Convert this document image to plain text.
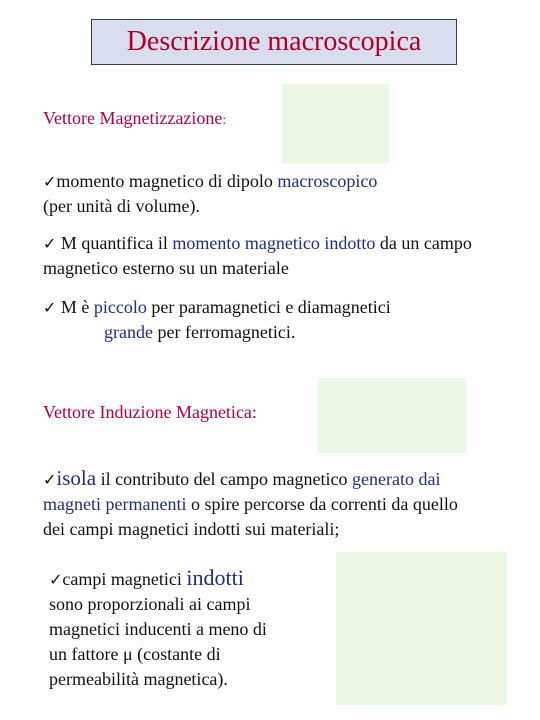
Descrizione macroscopica
Vettore Magnetizzazione:
✓momento magnetico di dipolo macroscopico
(per unità di volume).
✓ M quantifica il momento magnetico indotto da un campo
magnetico esterno su un materiale
✓ M è piccolo per paramagnetici e diamagnetici
grande per ferromagnetici.
Vettore Induzione Magnetica:
✓isola il contributo del campo magnetico generato dai
magneti permanenti o spire percorse da correnti da quello
dei campi magnetici indotti sui materiali;
✓campi magnetici indotti
sono proporzionali ai campi
magnetici inducenti a meno di
un fattore μ (costante di
permeabilità magnetica).
